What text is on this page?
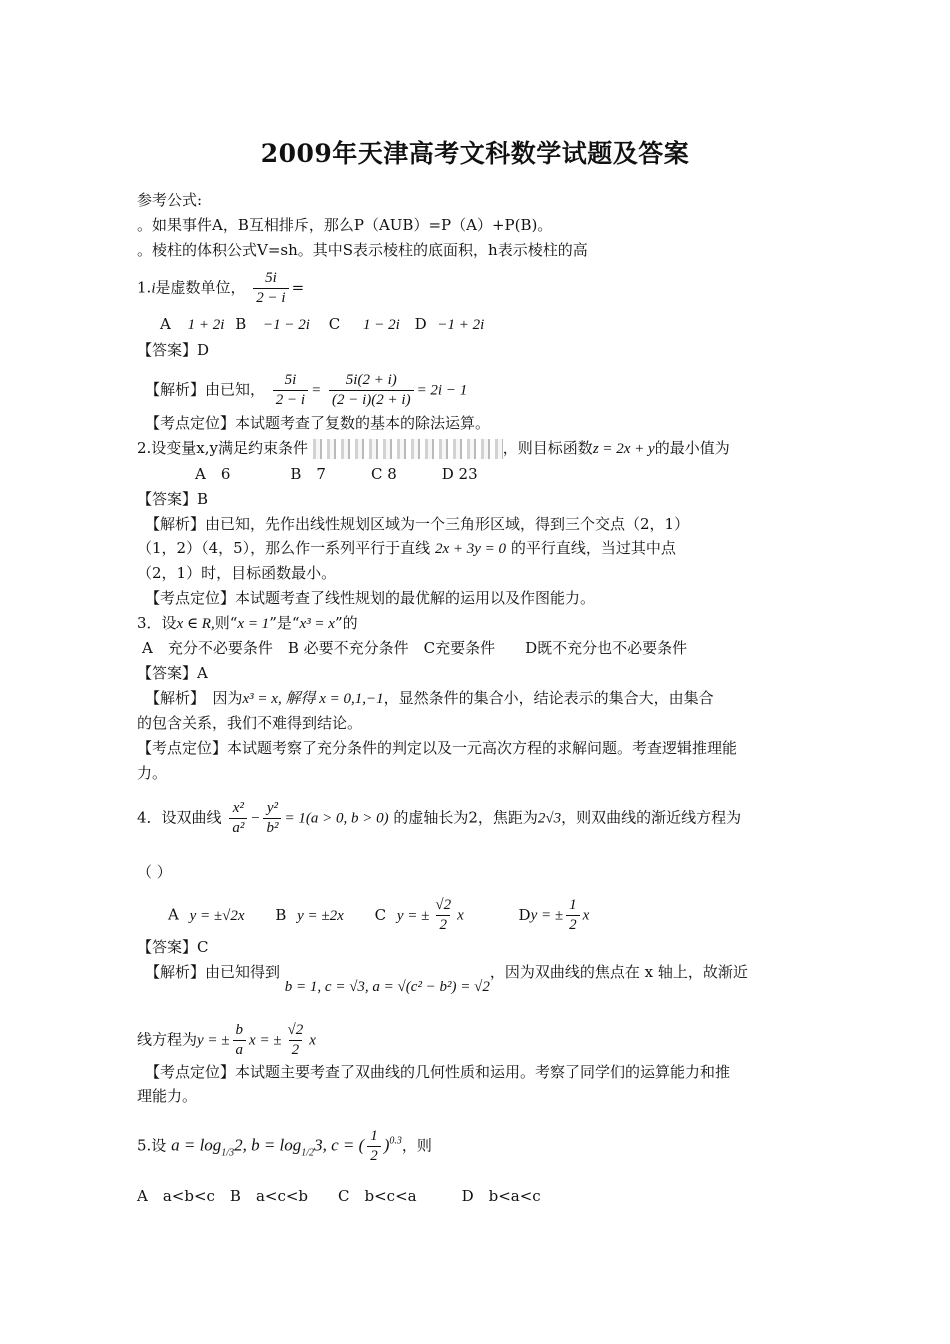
2009年天津高考文科数学试题及答案
参考公式:
。如果事件A，B互相排斥，那么P（AUB）=P（A）+P(B)。
。棱柱的体积公式V=sh。其中S表示棱柱的底面积，h表示棱柱的高
1.i是虚数单位， $\frac{5i}{2 - i}$ =
A 1 + 2i B −1 − 2i C 1 − 2i D −1 + 2i
【答案】D
【解析】由已知， $\frac{5i}{2 - i} = \frac{5i(2 + i)}{(2 - i)(2 + i)} = 2i - 1$
【考点定位】本试题考查了复数的基本的除法运算。
2.设变量x,y满足约束条件	，则目标函数z = 2x + y的最小值为
A　6　　　　B　7　　　C 8　　　D 23
【答案】B
【解析】由已知，先作出线性规划区域为一个三角形区域，得到三个交点（2，1）
（1，2）（4，5），那么作一系列平行于直线 2x + 3y = 0 的平行直线，当过其中点
（2，1）时，目标函数最小。
【考点定位】本试题考查了线性规划的最优解的运用以及作图能力。
3．设x ∈ R,则“x = 1”是“x³ = x”的
A　充分不必要条件　B 必要不充分条件　C充要条件　　D既不充分也不必要条件
【答案】A
【解析】　因为x³ = x, 解得 x = 0,1,−1，显然条件的集合小，结论表示的集合大，由集合
的包含关系，我们不难得到结论。
【考点定位】本试题考察了充分条件的判定以及一元高次方程的求解问题。考查逻辑推理能
力。
4．设双曲线 $\frac{\text{x²}}{\text{a²}} - \frac{\text{y²}}{\text{b²}} = 1(a > 0$, b > 0) 的虚轴长为2，焦距为2√3，则双曲线的渐近线方程为
（ ）
A y = ±√2x B y = ±2x C y = ± $\frac{√2}{2}$ x	Dy = ± $\frac{1}{2}$ x
【答案】C
【解析】由已知得到 b = 1, c = √3, a = √(c² − b²) = √2，因为双曲线的焦点在 x 轴上，故渐近
线方程为y = ± $\frac{b}{a}$ x = ± $\frac{√2}{2}$ x
【考点定位】本试题主要考查了双曲线的几何性质和运用。考察了同学们的运算能力和推
理能力。
5.设 $a = \log_{1/3}2$, $b = \log_{1/2}3$, c = ( $\frac{1}{2} )^{0.3}$，则
A　a<b<c　B　a<c<b　　C　b<c<a　　　D　b<a<c
